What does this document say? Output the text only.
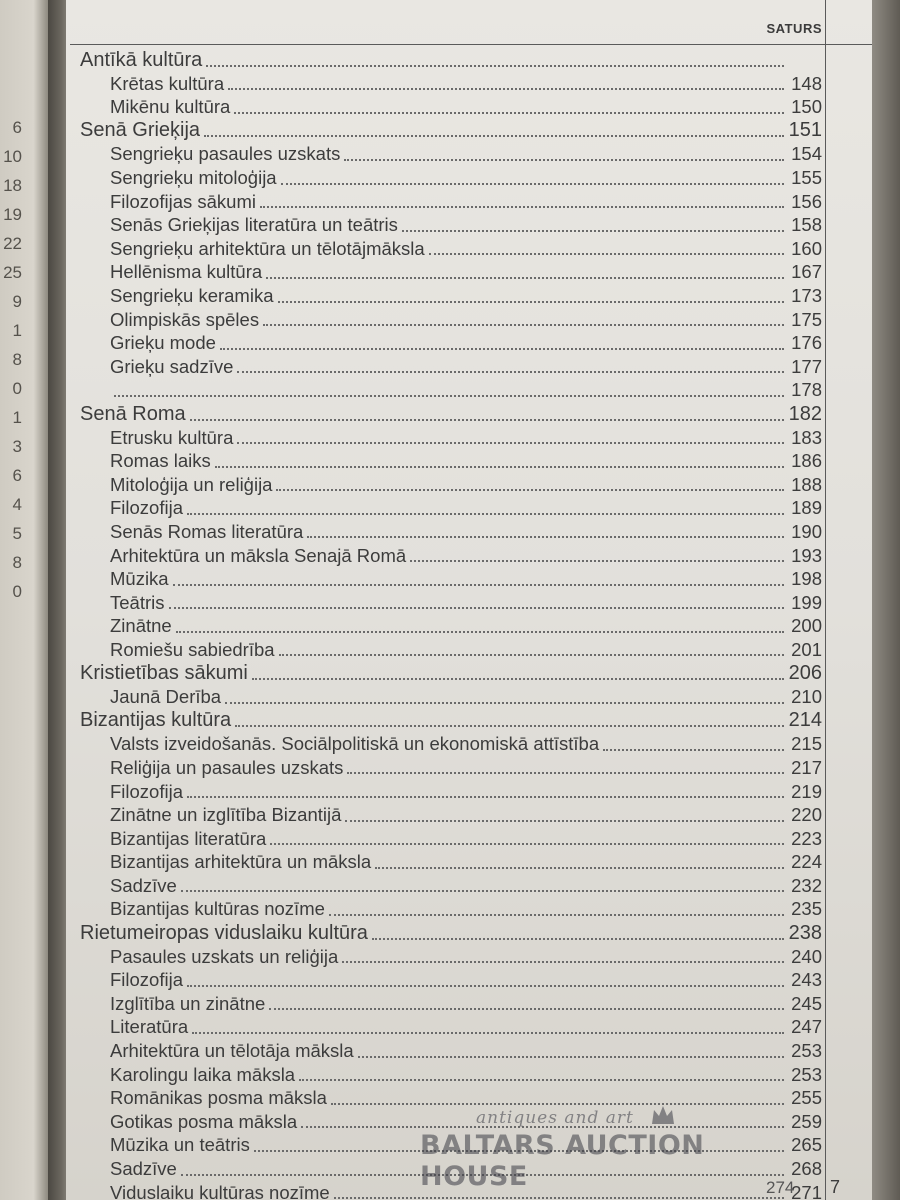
6
10
18
19
22
25
9
1
8
0
1
3
6
4
5
8
0
SATURS
Antīkā kultūra
Krētas kultūra	148
Mikēnu kultūra	150
Senā Grieķija	151
Sengrieķu pasaules uzskats	154
Sengrieķu mitoloģija	155
Filozofijas sākumi	156
Senās Grieķijas literatūra un teātris	158
Sengrieķu arhitektūra un tēlotājmāksla	160
Hellēnisma kultūra	167
Sengrieķu keramika	173
Olimpiskās spēles	175
Grieķu mode	176
Grieķu sadzīve	177
178
Senā Roma	182
Etrusku kultūra	183
Romas laiks	186
Mitoloģija un reliģija	188
Filozofija	189
Senās Romas literatūra	190
Arhitektūra un māksla Senajā Romā	193
Mūzika	198
Teātris	199
Zinātne	200
Romiešu sabiedrība	201
Kristietības sākumi	206
Jaunā Derība	210
Bizantijas kultūra	214
Valsts izveidošanās. Sociālpolitiskā un ekonomiskā attīstība	215
Reliģija un pasaules uzskats	217
Filozofija	219
Zinātne un izglītība Bizantijā	220
Bizantijas literatūra	223
Bizantijas arhitektūra un māksla	224
Sadzīve	232
Bizantijas kultūras nozīme	235
Rietumeiropas viduslaiku kultūra	238
Pasaules uzskats un reliģija	240
Filozofija	243
Izglītība un zinātne	245
Literatūra	247
Arhitektūra un tēlotāja māksla	253
Karolingu laika māksla	253
Romānikas posma māksla	255
Gotikas posma māksla	259
Mūzika un teātris	265
Sadzīve	268
Viduslaiku kultūras nozīme	271
274 7
antiques and art
BALTARS AUCTION HOUSE
